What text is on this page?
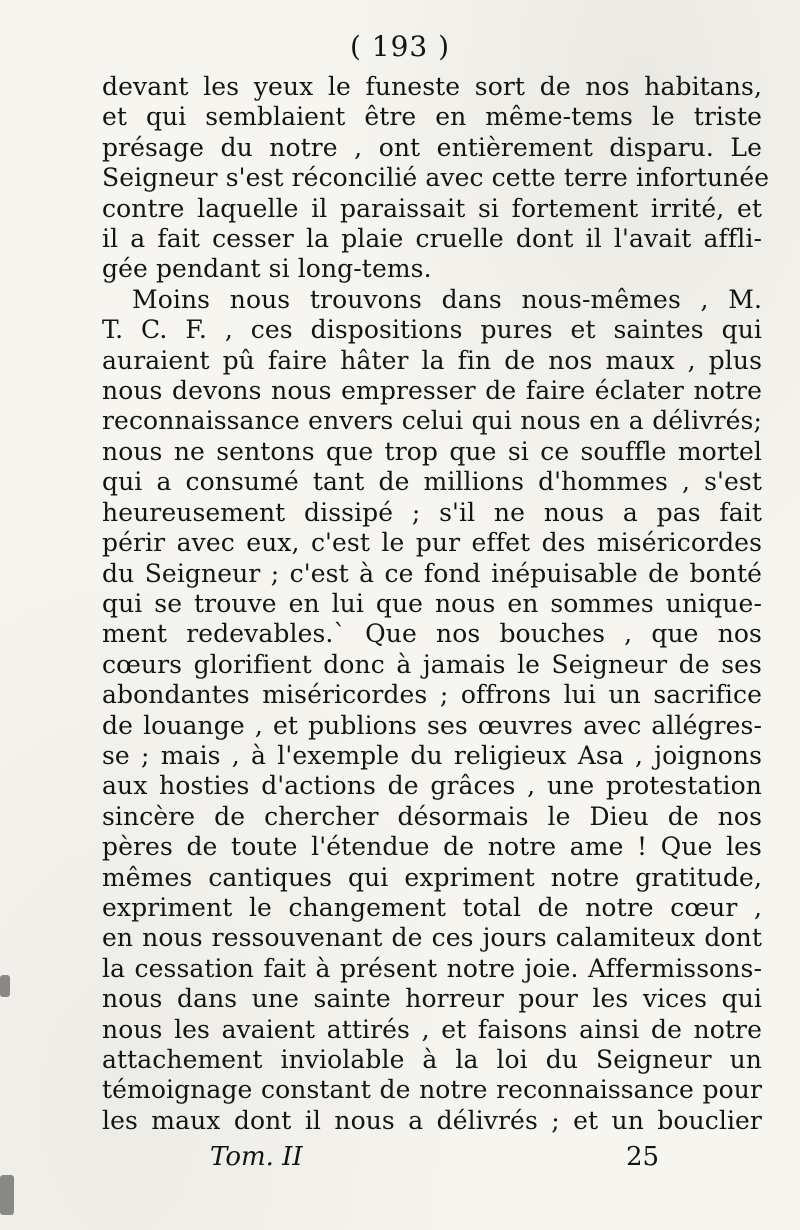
( 193 )
devant les yeux le funeste sort de nos habitans,
et qui semblaient être en même-tems le triste
présage du notre , ont entièrement disparu. Le
Seigneur s'est réconcilié avec cette terre infortunée
contre laquelle il paraissait si fortement irrité, et
il a fait cesser la plaie cruelle dont il l'avait affli-
gée pendant si long-tems.
Moins nous trouvons dans nous-mêmes , M.
T. C. F. , ces dispositions pures et saintes qui
auraient pû faire hâter la fin de nos maux , plus
nous devons nous empresser de faire éclater notre
reconnaissance envers celui qui nous en a délivrés;
nous ne sentons que trop que si ce souffle mortel
qui a consumé tant de millions d'hommes , s'est
heureusement dissipé ; s'il ne nous a pas fait
périr avec eux, c'est le pur effet des miséricordes
du Seigneur ; c'est à ce fond inépuisable de bonté
qui se trouve en lui que nous en sommes unique-
ment redevables.` Que nos bouches , que nos
cœurs glorifient donc à jamais le Seigneur de ses
abondantes miséricordes ; offrons lui un sacrifice
de louange , et publions ses œuvres avec allégres-
se ; mais , à l'exemple du religieux Asa , joignons
aux hosties d'actions de grâces , une protestation
sincère de chercher désormais le Dieu de nos
pères de toute l'étendue de notre ame ! Que les
mêmes cantiques qui expriment notre gratitude,
expriment le changement total de notre cœur ,
en nous ressouvenant de ces jours calamiteux dont
la cessation fait à présent notre joie. Affermissons-
nous dans une sainte horreur pour les vices qui
nous les avaient attirés , et faisons ainsi de notre
attachement inviolable à la loi du Seigneur un
témoignage constant de notre reconnaissance pour
les maux dont il nous a délivrés ; et un bouclier
Tom. II	25
